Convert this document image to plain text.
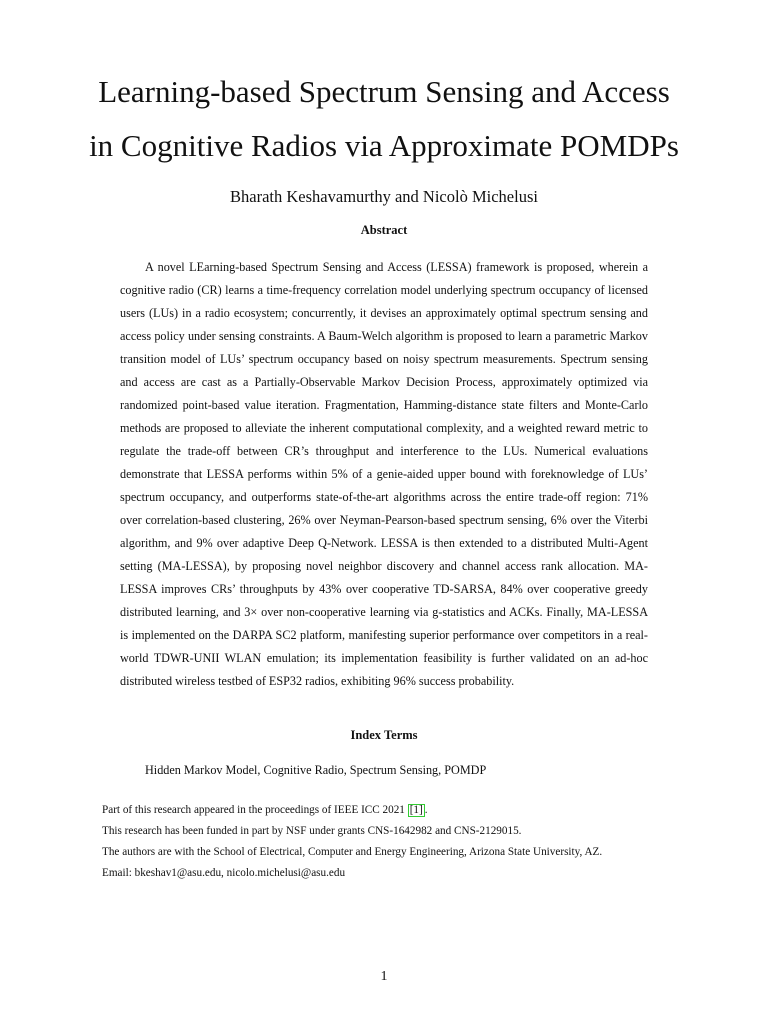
Learning-based Spectrum Sensing and Access
in Cognitive Radios via Approximate POMDPs
Bharath Keshavamurthy and Nicolò Michelusi
Abstract

A novel LEarning-based Spectrum Sensing and Access (LESSA) framework is proposed, wherein a cognitive radio (CR) learns a time-frequency correlation model underlying spectrum occupancy of licensed users (LUs) in a radio ecosystem; concurrently, it devises an approximately optimal spectrum sensing and access policy under sensing constraints. A Baum-Welch algorithm is proposed to learn a parametric Markov transition model of LUs’ spectrum occupancy based on noisy spectrum measurements. Spectrum sensing and access are cast as a Partially-Observable Markov Decision Process, approximately optimized via randomized point-based value iteration. Fragmentation, Hamming-distance state filters and Monte-Carlo methods are proposed to alleviate the inherent computational complexity, and a weighted reward metric to regulate the trade-off between CR’s throughput and interference to the LUs. Numerical evaluations demonstrate that LESSA performs within 5% of a genie-aided upper bound with foreknowledge of LUs’ spectrum occupancy, and outperforms state-of-the-art algorithms across the entire trade-off region: 71% over correlation-based clustering, 26% over Neyman-Pearson-based spectrum sensing, 6% over the Viterbi algorithm, and 9% over adaptive Deep Q-Network. LESSA is then extended to a distributed Multi-Agent setting (MA-LESSA), by proposing novel neighbor discovery and channel access rank allocation. MA-LESSA improves CRs’ throughputs by 43% over cooperative TD-SARSA, 84% over cooperative greedy distributed learning, and 3× over non-cooperative learning via g-statistics and ACKs. Finally, MA-LESSA is implemented on the DARPA SC2 platform, manifesting superior performance over competitors in a real-world TDWR-UNII WLAN emulation; its implementation feasibility is further validated on an ad-hoc distributed wireless testbed of ESP32 radios, exhibiting 96% success probability.

Index Terms
Hidden Markov Model, Cognitive Radio, Spectrum Sensing, POMDP
Part of this research appeared in the proceedings of IEEE ICC 2021 [1] .
This research has been funded in part by NSF under grants CNS-1642982 and CNS-2129015.
The authors are with the School of Electrical, Computer and Energy Engineering, Arizona State University, AZ.
Email: bkeshav1@asu.edu, nicolo.michelusi@asu.edu
1
